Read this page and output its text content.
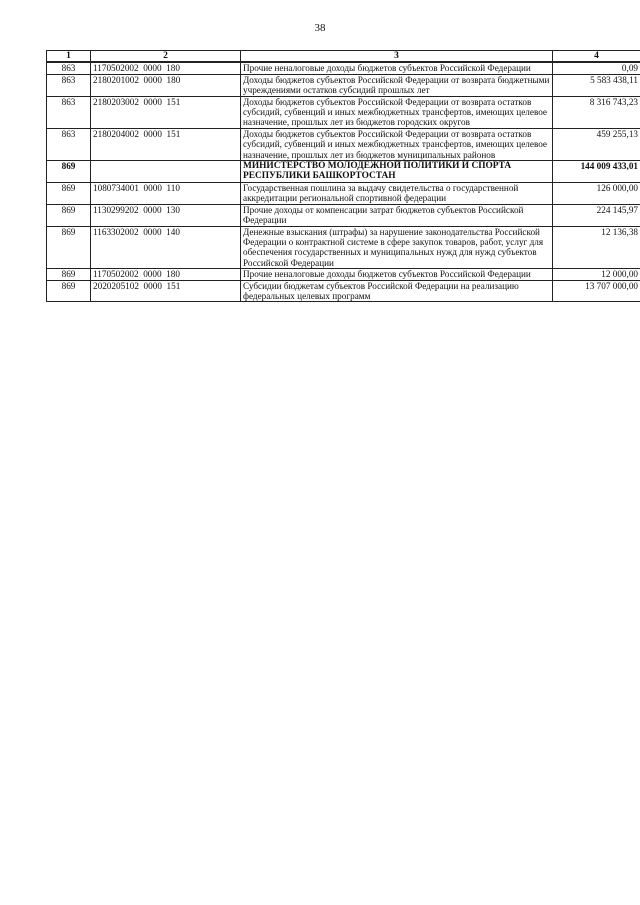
38
1	2	3	4
863	1170502002  0000  180	Прочие неналоговые доходы бюджетов субъектов Российской Федерации	0,09
863	2180201002  0000  180	Доходы бюджетов субъектов Российской Федерации от возврата бюджетными учреждениями остатков субсидий прошлых лет	5 583 438,11
863	2180203002  0000  151	Доходы бюджетов субъектов Российской Федерации от возврата остатков субсидий, субвенций и иных межбюджетных трансфертов, имеющих целевое назначение, прошлых лет из бюджетов городских округов	8 316 743,23
863	2180204002  0000  151	Доходы бюджетов субъектов Российской Федерации от возврата остатков субсидий, субвенций и иных межбюджетных трансфертов, имеющих целевое назначение, прошлых лет из бюджетов муниципальных районов	459 255,13
869		МИНИСТЕРСТВО МОЛОДЕЖНОЙ ПОЛИТИКИ И СПОРТА РЕСПУБЛИКИ БАШКОРТОСТАН	144 009 433,01
869	1080734001  0000  110	Государственная пошлина за выдачу свидетельства о государственной аккредитации региональной спортивной федерации	126 000,00
869	1130299202  0000  130	Прочие доходы от компенсации затрат бюджетов субъектов Российской Федерации	224 145,97
869	1163302002  0000  140	Денежные взыскания (штрафы) за нарушение законодательства Российской Федерации о контрактной системе в сфере закупок товаров, работ, услуг для обеспечения государственных и муниципальных нужд для нужд субъектов Российской Федерации	12 136,38
869	1170502002  0000  180	Прочие неналоговые доходы бюджетов субъектов Российской Федерации	12 000,00
869	2020205102  0000  151	Субсидии бюджетам субъектов Российской Федерации на реализацию федеральных целевых программ	13 707 000,00
